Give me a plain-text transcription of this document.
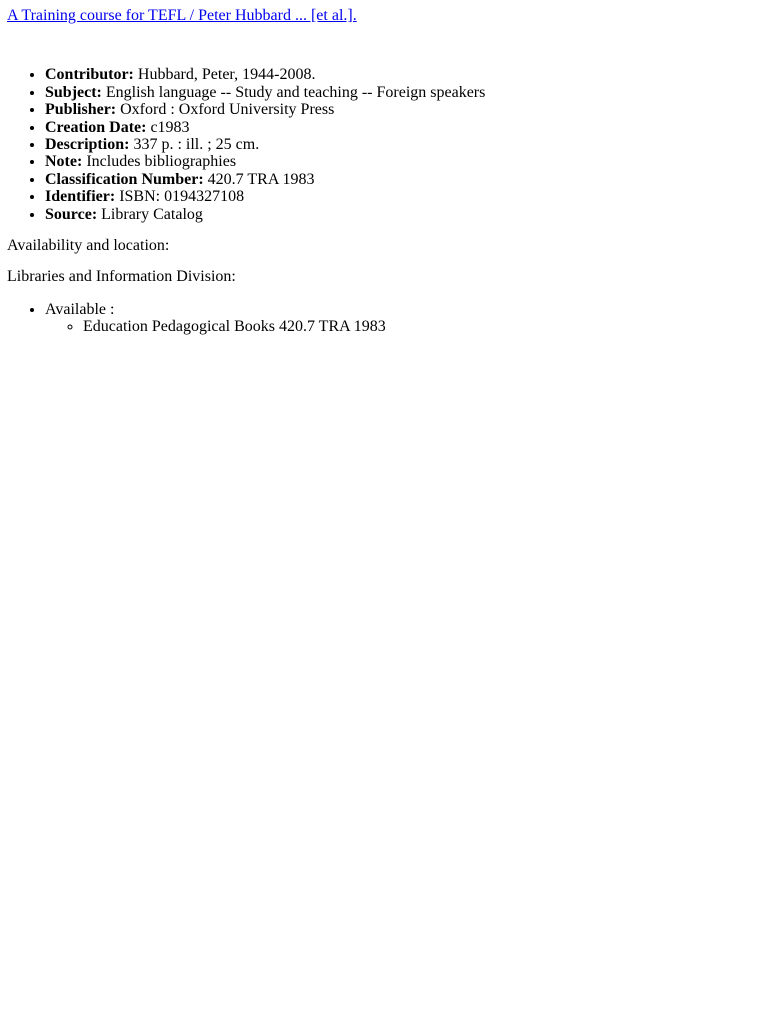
A Training course for TEFL / Peter Hubbard ... [et al.].
• Contributor: Hubbard, Peter, 1944-2008.
• Subject: English language -- Study and teaching -- Foreign speakers
• Publisher: Oxford : Oxford University Press
• Creation Date: c1983
• Description: 337 p. : ill. ; 25 cm.
• Note: Includes bibliographies
• Classification Number: 420.7 TRA 1983
• Identifier: ISBN: 0194327108
• Source: Library Catalog

Availability and location:

Libraries and Information Division:

• Available :
◦ Education Pedagogical Books 420.7 TRA 1983
